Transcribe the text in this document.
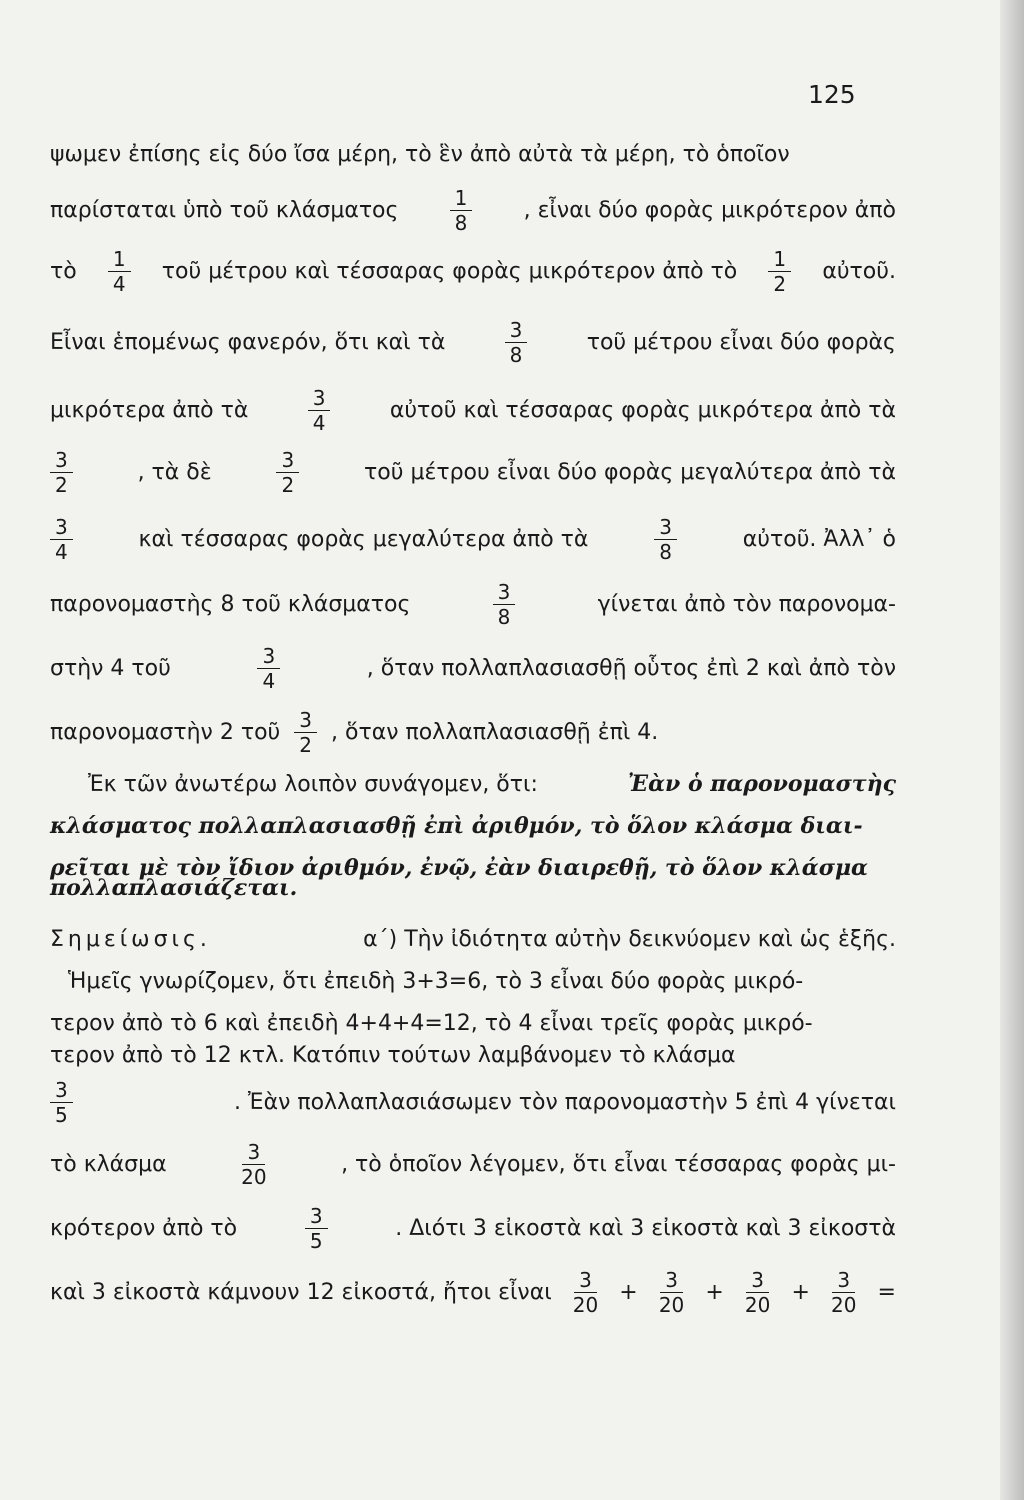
125
ψωμεν ἐπίσης εἰς δύο ἴσα μέρη, τὸ ἓν ἀπὸ αὐτὰ τὰ μέρη, τὸ ὁποῖον
παρίσταται ὑπὸ τοῦ κλάσματος	$\frac{1}{8}$ , εἶναι δύο φορὰς μικρότερον ἀπὸ
τὸ $\frac{1}{4}$ τοῦ μέτρου καὶ τέσσαρας φορὰς μικρότερον ἀπὸ τὸ $\frac{1}{2}$ αὐτοῦ.
Εἶναι ἑπομένως φανερόν, ὅτι καὶ τὰ	$\frac{3}{8}$	τοῦ μέτρου εἶναι δύο φορὰς
μικρότερα ἀπὸ τὰ	$\frac{3}{4}$	αὐτοῦ καὶ τέσσαρας φορὰς μικρότερα ἀπὸ τὰ
$\frac{3}{2}$	, τὰ δὲ	$\frac{3}{2}$	τοῦ μέτρου εἶναι δύο φορὰς μεγαλύτερα ἀπὸ τὰ
$\frac{3}{4}$	καὶ τέσσαρας φορὰς μεγαλύτερα ἀπὸ τὰ	$\frac{3}{8}$	αὐτοῦ. Ἀλλ᾽ ὁ
παρονομαστὴς 8 τοῦ κλάσματος	$\frac{3}{8}$	γίνεται ἀπὸ τὸν παρονομα-
στὴν 4 τοῦ	$\frac{3}{4}$	, ὅταν πολλαπλασιασθῇ οὗτος ἐπὶ 2 καὶ ἀπὸ τὸν
παρονομαστὴν 2 τοῦ $\frac{3}{2}$ , ὅταν πολλαπλασιασθῇ ἐπὶ 4.
Ἐκ τῶν ἀνωτέρω λοιπὸν συνάγομεν, ὅτι:	Ἐὰν ὁ παρονομαστὴς
κλάσματος πολλαπλασιασθῇ ἐπὶ ἀριθμόν, τὸ ὅλον κλάσμα διαι-
ρεῖται μὲ τὸν ἴδιον ἀριθμόν, ἐνῷ, ἐὰν διαιρεθῇ, τὸ ὅλον κλάσμα
πολλαπλασιάζεται.
Σημείωσις.	α΄) Τὴν ἰδιότητα αὐτὴν δεικνύομεν καὶ ὡς ἑξῆς.
Ἡμεῖς γνωρίζομεν, ὅτι ἐπειδὴ 3+3=6, τὸ 3 εἶναι δύο φορὰς μικρό-
τερον ἀπὸ τὸ 6 καὶ ἐπειδὴ 4+4+4=12, τὸ 4 εἶναι τρεῖς φορὰς μικρό-
τερον ἀπὸ τὸ 12 κτλ. Κατόπιν τούτων λαμβάνομεν τὸ κλάσμα
$\frac{3}{5}$	. Ἐὰν πολλαπλασιάσωμεν τὸν παρονομαστὴν 5 ἐπὶ 4 γίνεται
τὸ κλάσμα	$\frac{3}{20}$	, τὸ ὁποῖον λέγομεν, ὅτι εἶναι τέσσαρας φορὰς μι-
κρότερον ἀπὸ τὸ	$\frac{3}{5}$	. Διότι 3 εἰκοστὰ καὶ 3 εἰκοστὰ καὶ 3 εἰκοστὰ
καὶ 3 εἰκοστὰ κάμνουν 12 εἰκοστά, ἤτοι εἶναι $\frac{3}{20} + \frac{3}{20} + \frac{3}{20} + \frac{3}{20}$ =
